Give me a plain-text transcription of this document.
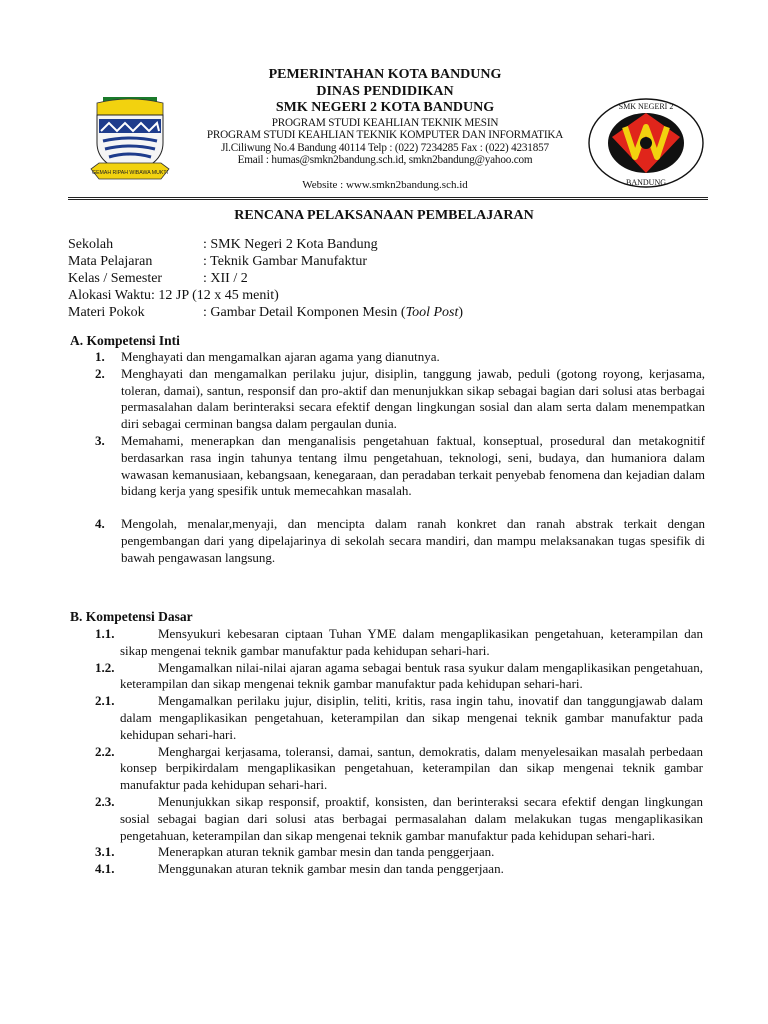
GEMAH RIPAH WIBAWA MUKTI
PEMERINTAHAN KOTA BANDUNG
DINAS PENDIDIKAN
SMK NEGERI 2 KOTA BANDUNG
PROGRAM STUDI KEAHLIAN TEKNIK MESIN
PROGRAM STUDI KEAHLIAN TEKNIK KOMPUTER DAN INFORMATIKA
Jl.Ciliwung No.4 Bandung 40114 Telp : (022) 7234285 Fax : (022) 4231857
Email : humas@smkn2bandung.sch.id, smkn2bandung@yahoo.com
Website : www.smkn2bandung.sch.id
SMK NEGERI 2
BANDUNG
RENCANA PELAKSANAAN PEMBELAJARAN
Sekolah	: SMK Negeri 2 Kota Bandung
Mata Pelajaran	: Teknik Gambar Manufaktur
Kelas / Semester	: XII / 2
Alokasi Waktu : 12 JP (12 x 45 menit)
Materi Pokok	: Gambar Detail Komponen Mesin (Tool Post)
A. Kompetensi Inti
1.	Menghayati dan mengamalkan ajaran agama yang dianutnya.
2.	Menghayati dan mengamalkan perilaku jujur, disiplin, tanggung jawab, peduli (gotong royong, kerjasama, toleran, damai), santun, responsif dan pro-aktif dan menunjukkan sikap sebagai bagian dari solusi atas berbagai permasalahan dalam berinteraksi secara efektif dengan lingkungan sosial dan alam serta dalam menempatkan diri sebagai cerminan bangsa dalam pergaulan dunia.
3.	Memahami, menerapkan dan menganalisis pengetahuan faktual, konseptual, prosedural dan metakognitif berdasarkan rasa ingin tahunya tentang ilmu pengetahuan, teknologi, seni, budaya, dan humaniora dalam wawasan kemanusiaan, kebangsaan, kenegaraan, dan peradaban terkait penyebab fenomena dan kejadian dalam bidang kerja yang spesifik untuk memecahkan masalah.
4.	Mengolah, menalar,menyaji, dan mencipta dalam ranah konkret dan ranah abstrak terkait dengan pengembangan dari yang dipelajarinya di sekolah secara mandiri, dan mampu melaksanakan tugas spesifik di bawah pengawasan langsung.
B. Kompetensi Dasar
1.1.	Mensyukuri kebesaran ciptaan Tuhan YME dalam mengaplikasikan pengetahuan, keterampilan dan sikap mengenai teknik gambar manufaktur pada kehidupan sehari-hari.
1.2.	Mengamalkan nilai-nilai ajaran agama sebagai bentuk rasa syukur dalam mengaplikasikan pengetahuan, keterampilan dan sikap mengenai teknik gambar manufaktur pada kehidupan sehari-hari.
2.1.	Mengamalkan perilaku jujur, disiplin, teliti, kritis, rasa ingin tahu, inovatif dan tanggungjawab dalam dalam mengaplikasikan pengetahuan, keterampilan dan sikap mengenai teknik gambar manufaktur pada kehidupan sehari-hari.
2.2.	Menghargai kerjasama, toleransi, damai, santun, demokratis, dalam menyelesaikan masalah perbedaan konsep berpikirdalam mengaplikasikan pengetahuan, keterampilan dan sikap mengenai teknik gambar manufaktur pada kehidupan sehari-hari.
2.3.	Menunjukkan sikap responsif, proaktif, konsisten, dan berinteraksi secara efektif dengan lingkungan sosial sebagai bagian dari solusi atas berbagai permasalahan dalam melakukan tugas mengaplikasikan pengetahuan, keterampilan dan sikap mengenai teknik gambar manufaktur pada kehidupan sehari-hari.
3.1.	Menerapkan aturan teknik gambar mesin dan tanda penggerjaan.
4.1.	Menggunakan aturan teknik gambar mesin dan tanda penggerjaan.
